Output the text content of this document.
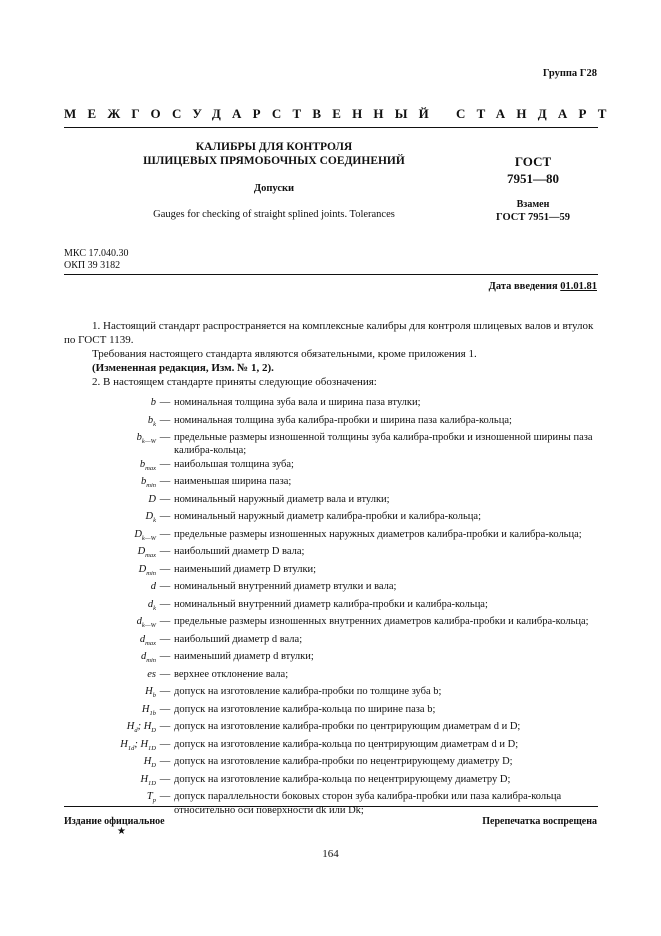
Группа Г28
МЕЖГОСУДАРСТВЕННЫЙ СТАНДАРТ
КАЛИБРЫ ДЛЯ КОНТРОЛЯ
ШЛИЦЕВЫХ ПРЯМОБОЧНЫХ СОЕДИНЕНИЙ
Допуски
Gauges for checking of straight splined joints. Tolerances
ГОСТ
7951—80
Взамен
ГОСТ 7951—59
МКС 17.040.30
ОКП 39 3182
Дата введения 01.01.81
1. Настоящий стандарт распространяется на комплексные калибры для контроля шлицевых валов и втулок по ГОСТ 1139.
Требования настоящего стандарта являются обязательными, кроме приложения 1.
(Измененная редакция, Изм. № 1, 2).
2. В настоящем стандарте приняты следующие обозначения:
b — номинальная толщина зуба вала и ширина паза втулки;
$b_k$ — номинальная толщина зуба калибра-пробки и ширина паза калибра-кольца;
$b_{k—W}$ — предельные размеры изношенной толщины зуба калибра-пробки и изношенной ширины паза калибра-кольца;
$b_{max}$ — наибольшая толщина зуба;
$b_{min}$ — наименьшая ширина паза;
D — номинальный наружный диаметр вала и втулки;
$D_k$ — номинальный наружный диаметр калибра-пробки и калибра-кольца;
$D_{k—W}$ — предельные размеры изношенных наружных диаметров калибра-пробки и калибра-кольца;
$D_{max}$ — наибольший диаметр D вала;
$D_{min}$ — наименьший диаметр D втулки;
d — номинальный внутренний диаметр втулки и вала;
$d_k$ — номинальный внутренний диаметр калибра-пробки и калибра-кольца;
$d_{k—W}$ — предельные размеры изношенных внутренних диаметров калибра-пробки и калибра-кольца;
$d_{max}$ — наибольший диаметр d вала;
$d_{min}$ — наименьший диаметр d втулки;
es — верхнее отклонение вала;
$H_b$ — допуск на изготовление калибра-пробки по толщине зуба b;
$H_{1b}$ — допуск на изготовление калибра-кольца по ширине паза b;
$H_d$; $H_D$ — допуск на изготовление калибра-пробки по центрирующим диаметрам d и D;
$H_{1d}$; $H_{1D}$ — допуск на изготовление калибра-кольца по центрирующим диаметрам d и D;
$H_D$ — допуск на изготовление калибра-пробки по нецентрирующему диаметру D;
$H_{1D}$ — допуск на изготовление калибра-кольца по нецентрирующему диаметру D;
$T_p$ — допуск параллельности боковых сторон зуба калибра-пробки или паза калибра-кольца относительно оси поверхности dk или Dk;
Издание официальное
★
Перепечатка воспрещена
164
